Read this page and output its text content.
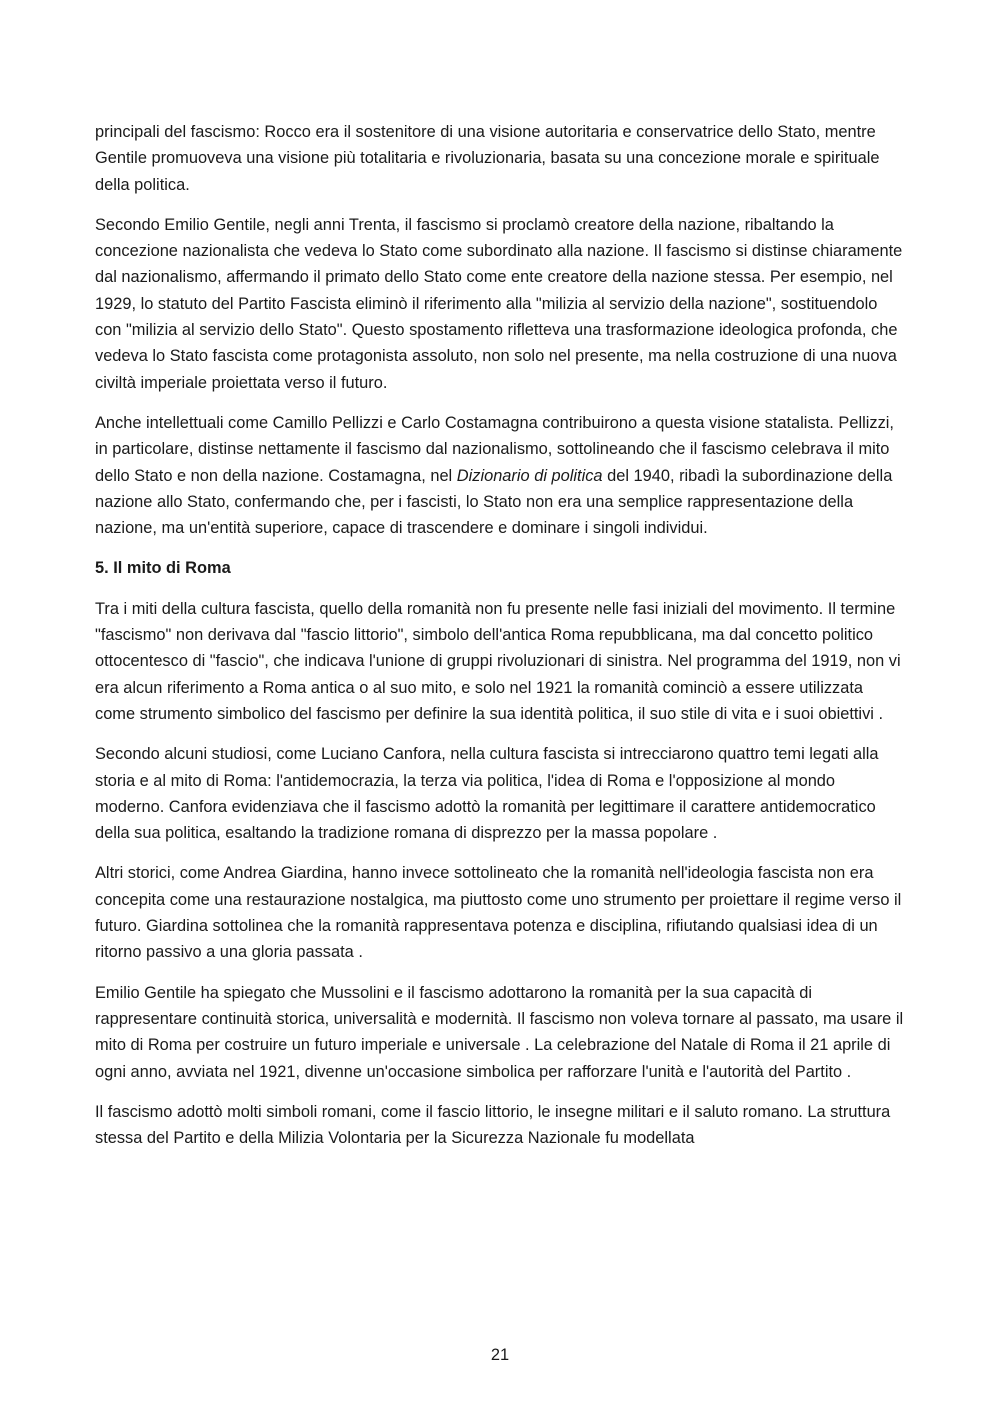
principali del fascismo: Rocco era il sostenitore di una visione autoritaria e conservatrice dello Stato, mentre Gentile promuoveva una visione più totalitaria e rivoluzionaria, basata su una concezione morale e spirituale della politica.

Secondo Emilio Gentile, negli anni Trenta, il fascismo si proclamò creatore della nazione, ribaltando la concezione nazionalista che vedeva lo Stato come subordinato alla nazione. Il fascismo si distinse chiaramente dal nazionalismo, affermando il primato dello Stato come ente creatore della nazione stessa. Per esempio, nel 1929, lo statuto del Partito Fascista eliminò il riferimento alla "milizia al servizio della nazione", sostituendolo con "milizia al servizio dello Stato". Questo spostamento rifletteva una trasformazione ideologica profonda, che vedeva lo Stato fascista come protagonista assoluto, non solo nel presente, ma nella costruzione di una nuova civiltà imperiale proiettata verso il futuro.

Anche intellettuali come Camillo Pellizzi e Carlo Costamagna contribuirono a questa visione statalista. Pellizzi, in particolare, distinse nettamente il fascismo dal nazionalismo, sottolineando che il fascismo celebrava il mito dello Stato e non della nazione. Costamagna, nel Dizionario di politica del 1940, ribadì la subordinazione della nazione allo Stato, confermando che, per i fascisti, lo Stato non era una semplice rappresentazione della nazione, ma un'entità superiore, capace di trascendere e dominare i singoli individui.

5. Il mito di Roma

Tra i miti della cultura fascista, quello della romanità non fu presente nelle fasi iniziali del movimento. Il termine "fascismo" non derivava dal "fascio littorio", simbolo dell'antica Roma repubblicana, ma dal concetto politico ottocentesco di "fascio", che indicava l'unione di gruppi rivoluzionari di sinistra. Nel programma del 1919, non vi era alcun riferimento a Roma antica o al suo mito, e solo nel 1921 la romanità cominciò a essere utilizzata come strumento simbolico del fascismo per definire la sua identità politica, il suo stile di vita e i suoi obiettivi .

Secondo alcuni studiosi, come Luciano Canfora, nella cultura fascista si intrecciarono quattro temi legati alla storia e al mito di Roma: l'antidemocrazia, la terza via politica, l'idea di Roma e l'opposizione al mondo moderno. Canfora evidenziava che il fascismo adottò la romanità per legittimare il carattere antidemocratico della sua politica, esaltando la tradizione romana di disprezzo per la massa popolare .

Altri storici, come Andrea Giardina, hanno invece sottolineato che la romanità nell'ideologia fascista non era concepita come una restaurazione nostalgica, ma piuttosto come uno strumento per proiettare il regime verso il futuro. Giardina sottolinea che la romanità rappresentava potenza e disciplina, rifiutando qualsiasi idea di un ritorno passivo a una gloria passata .

Emilio Gentile ha spiegato che Mussolini e il fascismo adottarono la romanità per la sua capacità di rappresentare continuità storica, universalità e modernità. Il fascismo non voleva tornare al passato, ma usare il mito di Roma per costruire un futuro imperiale e universale . La celebrazione del Natale di Roma il 21 aprile di ogni anno, avviata nel 1921, divenne un'occasione simbolica per rafforzare l'unità e l'autorità del Partito .

Il fascismo adottò molti simboli romani, come il fascio littorio, le insegne militari e il saluto romano. La struttura stessa del Partito e della Milizia Volontaria per la Sicurezza Nazionale fu modellata

21
